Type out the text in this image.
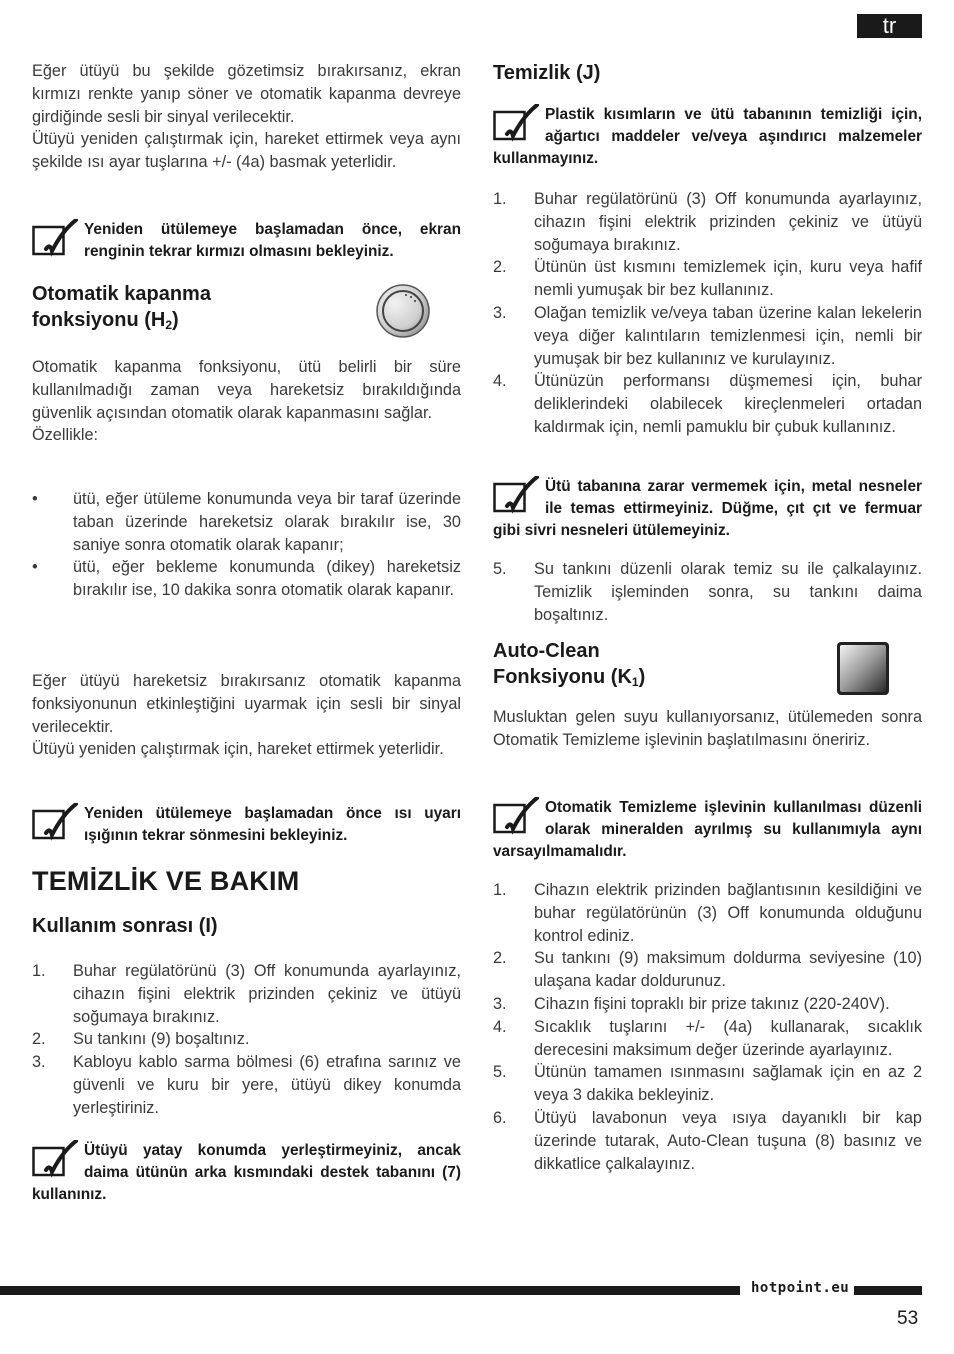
tr

Eğer ütüyü bu şekilde gözetimsiz bırakırsanız, ekran kırmızı renkte yanıp söner ve otomatik kapanma devreye girdiğinde sesli bir sinyal verilecektir.

Ütüyü yeniden çalıştırmak için, hareket ettirmek veya aynı şekilde ısı ayar tuşlarına +/- (4a) basmak yeterlidir.

Yeniden ütülemeye başlamadan önce, ekran renginin tekrar kırmızı olmasını bekleyiniz.

Otomatik kapanma

fonksiyonu $(H_2)$

Otomatik kapanma fonksiyonu, ütü belirli bir süre kullanılmadığı zaman veya hareketsiz bırakıldığında güvenlik açısından otomatik olarak kapanmasını sağlar.

Özellikle:

• ütü, eğer ütüleme konumunda veya bir taraf üzerinde taban üzerinde hareketsiz olarak bırakılır ise, 30 saniye sonra otomatik olarak kapanır;
• ütü, eğer bekleme konumunda (dikey) hareketsiz bırakılır ise, 10 dakika sonra otomatik olarak kapanır.

Eğer ütüyü hareketsiz bırakırsanız otomatik kapanma fonksiyonunun etkinleştiğini uyarmak için sesli bir sinyal verilecektir.

Ütüyü yeniden çalıştırmak için, hareket ettirmek yeterlidir.

Yeniden ütülemeye başlamadan önce ısı uyarı ışığının tekrar sönmesini bekleyiniz.

TEMİZLİK VE BAKIM

Kullanım sonrası (I)

1. Buhar regülatörünü (3) Off konumunda ayarlayınız, cihazın fişini elektrik prizinden çekiniz ve ütüyü soğumaya bırakınız.
2. Su tankını (9) boşaltınız.
3. Kabloyu kablo sarma bölmesi (6) etrafına sarınız ve güvenli ve kuru bir yere, ütüyü dikey konumda yerleştiriniz.

Ütüyü yatay konumda yerleştirmeyiniz, ancak daima ütünün arka kısmındaki destek tabanını (7) kullanınız.

Temizlik (J)

Plastik kısımların ve ütü tabanının temizliği için, ağartıcı maddeler ve/veya aşındırıcı malzemeler kullanmayınız.

1. Buhar regülatörünü (3) Off konumunda ayarlayınız, cihazın fişini elektrik prizinden çekiniz ve ütüyü soğumaya bırakınız.
2. Ütünün üst kısmını temizlemek için, kuru veya hafif nemli yumuşak bir bez kullanınız.
3. Olağan temizlik ve/veya taban üzerine kalan lekelerin veya diğer kalıntıların temizlenmesi için, nemli bir yumuşak bir bez kullanınız ve kurulayınız.
4. Ütünüzün performansı düşmemesi için, buhar deliklerindeki olabilecek kireçlenmeleri ortadan kaldırmak için, nemli pamuklu bir çubuk kullanınız.

Ütü tabanına zarar vermemek için, metal nesneler ile temas ettirmeyiniz. Düğme, çıt çıt ve fermuar gibi sivri nesneleri ütülemeyiniz.

5. Su tankını düzenli olarak temiz su ile çalkalayınız. Temizlik işleminden sonra, su tankını daima boşaltınız.

Auto-Clean

Fonksiyonu $(K_1)$

Musluktan gelen suyu kullanıyorsanız, ütülemeden sonra Otomatik Temizleme işlevinin başlatılmasını öneririz.

Otomatik Temizleme işlevinin kullanılması düzenli olarak mineralden ayrılmış su kullanımıyla aynı varsayılmamalıdır.

1. Cihazın elektrik prizinden bağlantısının kesildiğini ve buhar regülatörünün (3) Off konumunda olduğunu kontrol ediniz.
2. Su tankını (9) maksimum doldurma seviyesine (10) ulaşana kadar doldurunuz.
3. Cihazın fişini topraklı bir prize takınız (220-240V).
4. Sıcaklık tuşlarını +/- (4a) kullanarak, sıcaklık derecesini maksimum değer üzerinde ayarlayınız.
5. Ütünün tamamen ısınmasını sağlamak için en az 2 veya 3 dakika bekleyiniz.
6. Ütüyü lavabonun veya ısıya dayanıklı bir kap üzerinde tutarak, Auto-Clean tuşuna (8) basınız ve dikkatlice çalkalayınız.
hotpoint.eu
53
